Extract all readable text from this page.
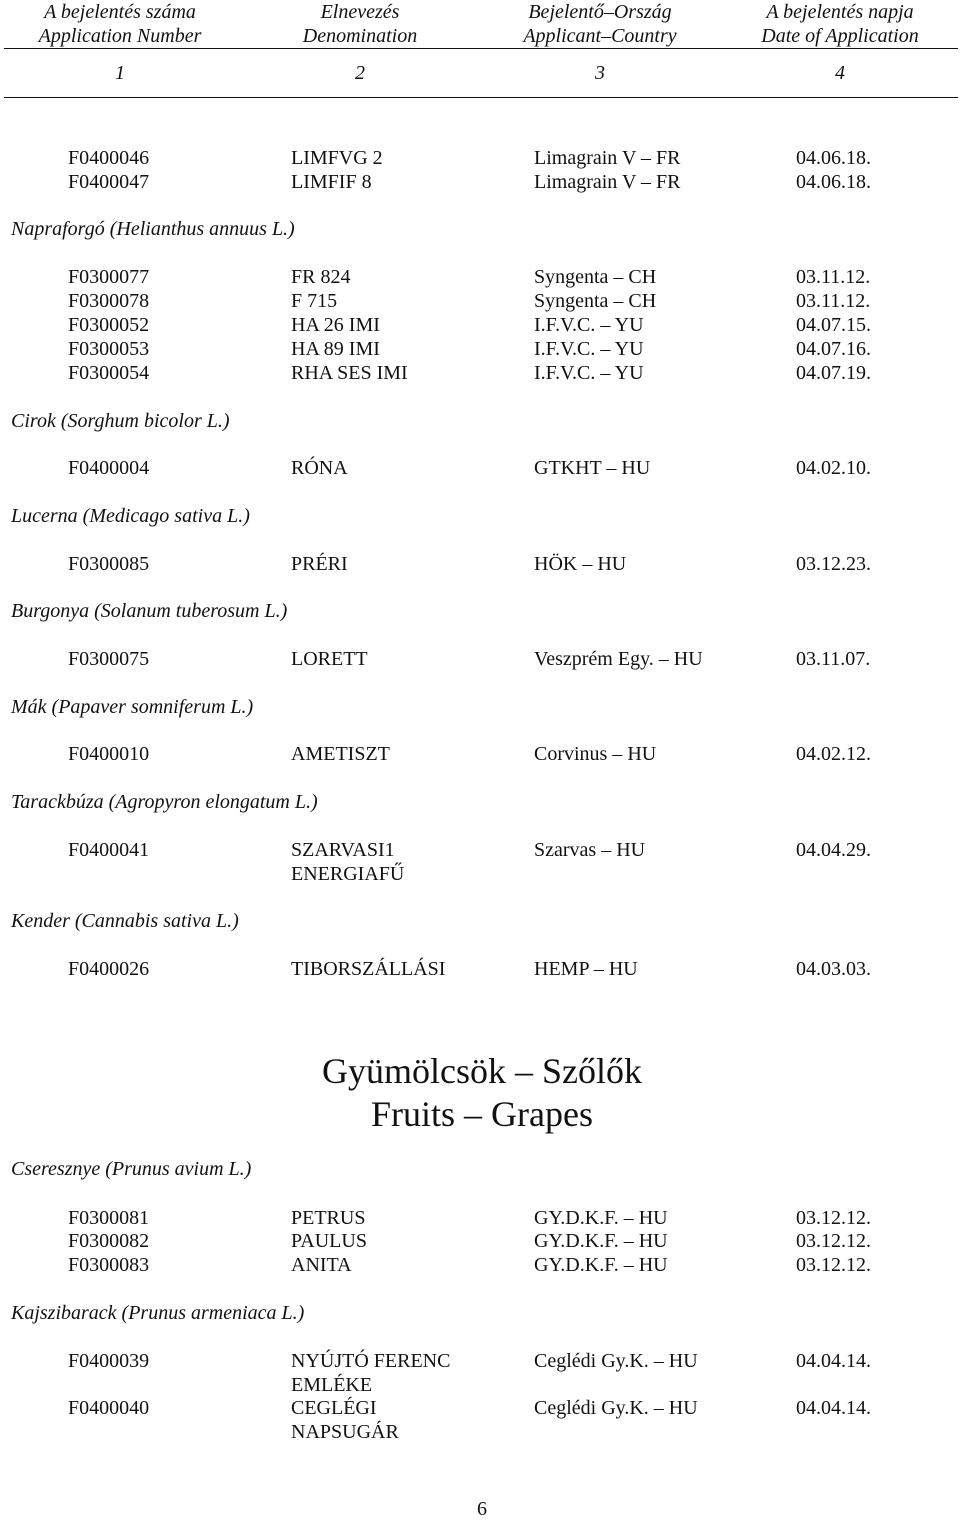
A bejelentés száma
Application Number
Elnevezés
Denomination
Bejelentő–Ország
Applicant–Country
A bejelentés napja
Date of Application
1	2	3	4
F0400046	LIMFVG 2	Limagrain V – FR	04.06.18.
F0400047	LIMFIF 8	Limagrain V – FR	04.06.18.
Napraforgó (Helianthus annuus L.)
F0300077	FR 824	Syngenta – CH	03.11.12.
F0300078	F 715	Syngenta – CH	03.11.12.
F0300052	HA 26 IMI	I.F.V.C. – YU	04.07.15.
F0300053	HA 89 IMI	I.F.V.C. – YU	04.07.16.
F0300054	RHA SES IMI	I.F.V.C. – YU	04.07.19.
Cirok (Sorghum bicolor L.)
F0400004	RÓNA	GTKHT – HU	04.02.10.
Lucerna (Medicago sativa L.)
F0300085	PRÉRI	HÖK – HU	03.12.23.
Burgonya (Solanum tuberosum L.)
F0300075	LORETT	Veszprém Egy. – HU	03.11.07.
Mák (Papaver somniferum L.)
F0400010	AMETISZT	Corvinus – HU	04.02.12.
Tarackbúza (Agropyron elongatum L.)
F0400041	SZARVASI1	Szarvas – HU	04.04.29.
ENERGIAFŰ
Kender (Cannabis sativa L.)
F0400026	TIBORSZÁLLÁSI	HEMP – HU	04.03.03.
Gyümölcsök – Szőlők
Fruits – Grapes
Cseresznye (Prunus avium L.)
F0300081	PETRUS	GY.D.K.F. – HU	03.12.12.
F0300082	PAULUS	GY.D.K.F. – HU	03.12.12.
F0300083	ANITA	GY.D.K.F. – HU	03.12.12.
Kajszibarack (Prunus armeniaca L.)
F0400039	NYÚJTÓ FERENC	Ceglédi Gy.K. – HU	04.04.14.
EMLÉKE
F0400040	CEGLÉGI	Ceglédi Gy.K. – HU	04.04.14.
NAPSUGÁR
6
